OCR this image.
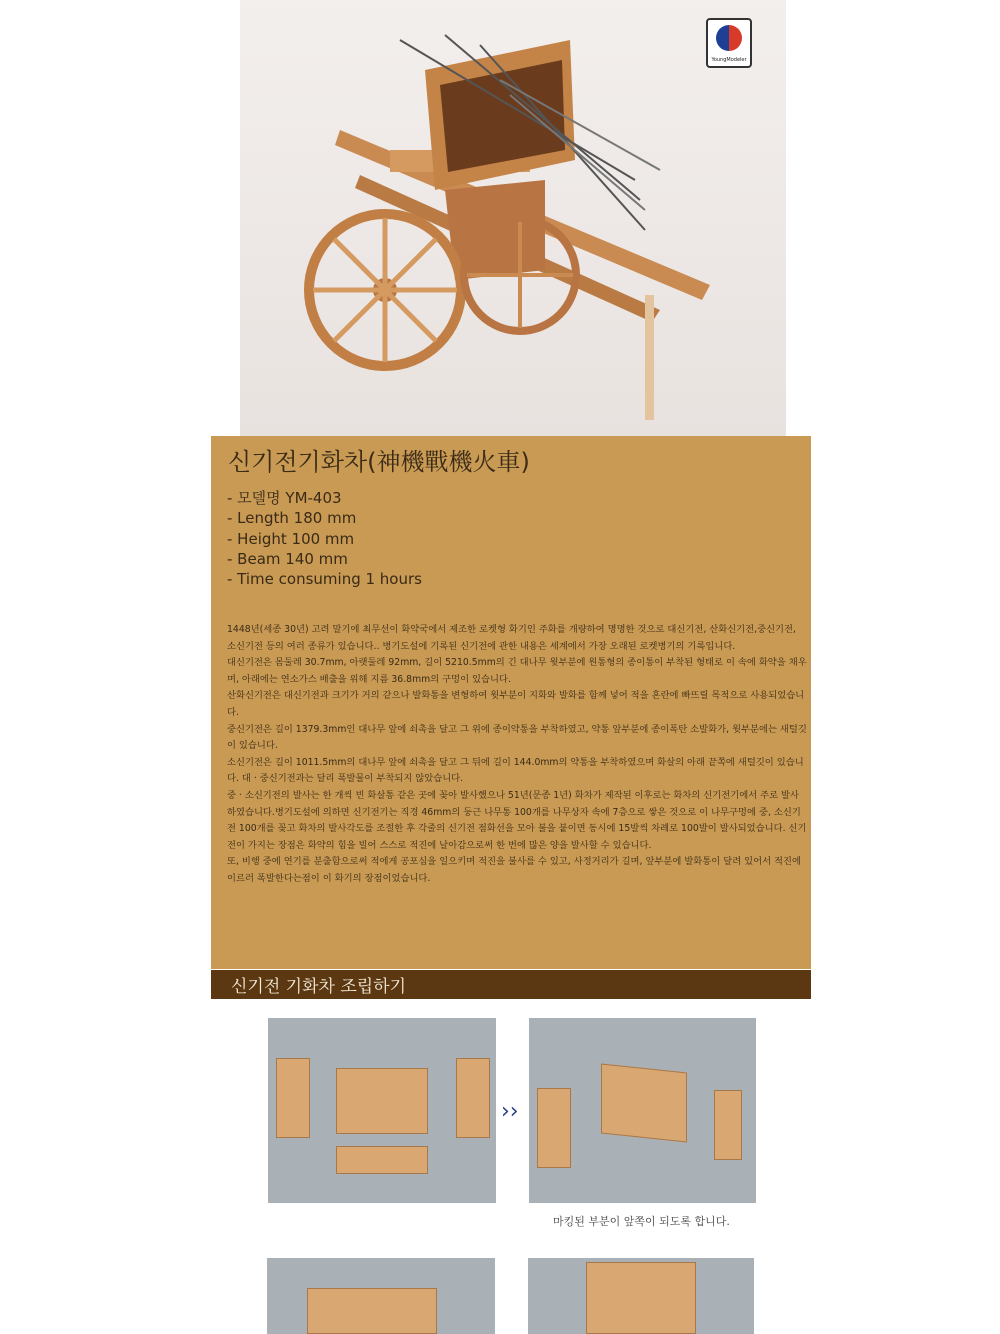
YoungModeler
신기전기화차(神機戰機火車)
- 모델명 YM-403
- Length 180 mm
- Height 100 mm
- Beam 140 mm
- Time consuming 1 hours

1448년(세종 30년) 고려 말기에 최무선이 화약국에서 제조한 로켓형 화기인 주화를 개량하여 명명한 것으로 대신기전, 산화신기전,중신기전, 소신기전 등의 여러 종류가 있습니다.. 병기도설에 기록된 신기전에 관한 내용은 세계에서 가장 오래된 로켓병기의 기록입니다.

대신기전은 몸둘레 30.7mm, 아랫둘레 92mm, 길이 5210.5mm의 긴 대나무 윗부분에 원통형의 종이통이 부착된 형태로 이 속에 화약을 채우며, 아래에는 연소가스 배출을 위해 지름 36.8mm의 구멍이 있습니다.

산화신기전은 대신기전과 크기가 거의 같으나 발화통을 변형하여 윗부분이 지화와 발화를 함께 넣어 적을 혼란에 빠뜨릴 목적으로 사용되었습니다.

중신기전은 길이 1379.3mm인 대나무 앞에 쇠촉을 달고 그 위에 종이약통을 부착하였고, 약통 앞부분에 종이폭탄 소발화가, 윗부분에는 새털깃이 있습니다.

소신기전은 길이 1011.5mm의 대나무 앞에 쇠촉을 달고 그 뒤에 길이 144.0mm의 약통을 부착하였으며 화살의 아래 끝쪽에 새털깃이 있습니다. 대 · 중신기전과는 달리 폭발물이 부착되지 않았습니다.

중 · 소신기전의 발사는 한 개씩 빈 화살통 같은 곳에 꽂아 발사했으나 51년(문종 1년) 화차가 제작된 이후로는 화차의 신기전기에서 주로 발사하였습니다.병기도설에 의하면 신기전기는 직경 46mm의 둥근 나무통 100개를 나무상자 속에 7층으로 쌓은 것으로 이 나무구멍에 중, 소신기전 100개를 꽂고 화차의 발사각도를 조절한 후 각줄의 신기전 점화선을 모아 불을 붙이면 동시에 15발씩 차례로 100발이 발사되었습니다. 신기전이 가지는 장점은 화약의 힘을 빌어 스스로 적진에 날아감으로써 한 번에 많은 양을 발사할 수 있습니다.

또, 비행 중에 연기를 분출함으로써 적에게 공포심을 일으키며 적진을 불사를 수 있고, 사정거리가 길며, 앞부분에 발화통이 달려 있어서 적진에 이르러 폭발한다는점이 이 화기의 장점이었습니다.

신기전 기화차 조립하기
››
마킹된 부분이 앞쪽이 되도록 합니다.
